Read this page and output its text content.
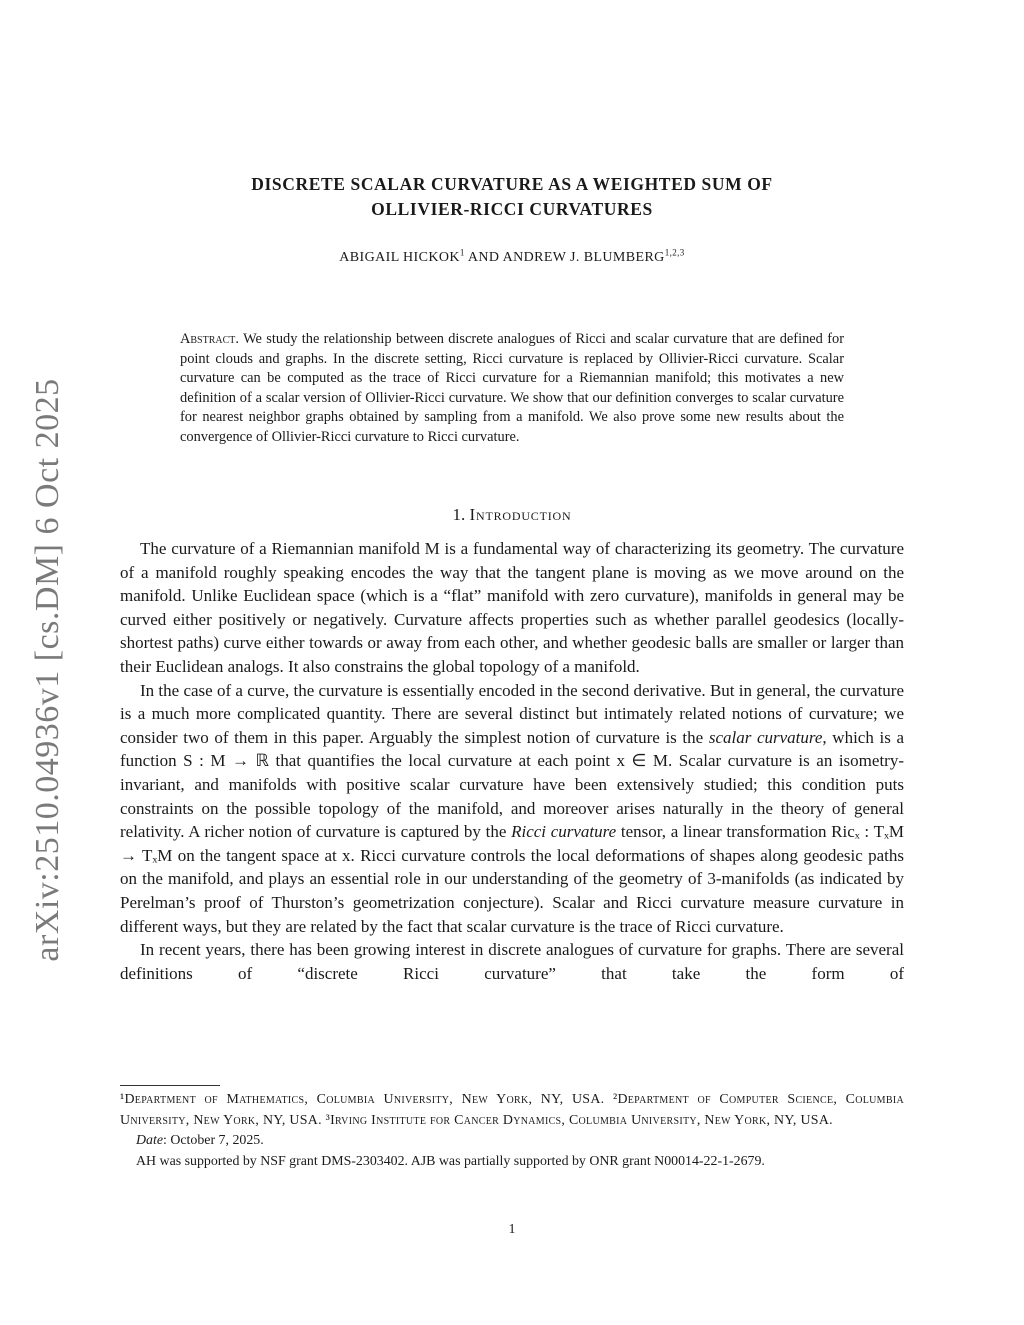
arXiv:2510.04936v1 [cs.DM] 6 Oct 2025
DISCRETE SCALAR CURVATURE AS A WEIGHTED SUM OF
OLLIVIER-RICCI CURVATURES
ABIGAIL HICKOK$^1$ AND ANDREW J. BLUMBERG$^{1,2,3}$
Abstract. We study the relationship between discrete analogues of Ricci and scalar curvature that are defined for point clouds and graphs. In the discrete setting, Ricci curvature is replaced by Ollivier-Ricci curvature. Scalar curvature can be computed as the trace of Ricci curvature for a Riemannian manifold; this motivates a new definition of a scalar version of Ollivier-Ricci curvature. We show that our definition converges to scalar curvature for nearest neighbor graphs obtained by sampling from a manifold. We also prove some new results about the convergence of Ollivier-Ricci curvature to Ricci curvature.
1. Introduction

The curvature of a Riemannian manifold M is a fundamental way of characterizing its geometry. The curvature of a manifold roughly speaking encodes the way that the tangent plane is moving as we move around on the manifold. Unlike Euclidean space (which is a “flat” manifold with zero curvature), manifolds in general may be curved either positively or negatively. Curvature affects properties such as whether parallel geodesics (locally-shortest paths) curve either towards or away from each other, and whether geodesic balls are smaller or larger than their Euclidean analogs. It also constrains the global topology of a manifold.

In the case of a curve, the curvature is essentially encoded in the second derivative. But in general, the curvature is a much more complicated quantity. There are several distinct but intimately related notions of curvature; we consider two of them in this paper. Arguably the simplest notion of curvature is the scalar curvature, which is a function S : M → ℝ that quantifies the local curvature at each point x ∈ M. Scalar curvature is an isometry-invariant, and manifolds with positive scalar curvature have been extensively studied; this condition puts constraints on the possible topology of the manifold, and moreover arises naturally in the theory of general relativity. A richer notion of curvature is captured by the Ricci curvature tensor, a linear transformation Ricₓ : TₓM → TₓM on the tangent space at x. Ricci curvature controls the local deformations of shapes along geodesic paths on the manifold, and plays an essential role in our understanding of the geometry of 3-manifolds (as indicated by Perelman’s proof of Thurston’s geometrization conjecture). Scalar and Ricci curvature measure curvature in different ways, but they are related by the fact that scalar curvature is the trace of Ricci curvature.

In recent years, there has been growing interest in discrete analogues of curvature for graphs. There are several definitions of “discrete Ricci curvature” that take the form of

¹Department of Mathematics, Columbia University, New York, NY, USA. ²Department of Computer Science, Columbia University, New York, NY, USA. ³Irving Institute for Cancer Dynamics, Columbia University, New York, NY, USA.

Date: October 7, 2025.

AH was supported by NSF grant DMS-2303402. AJB was partially supported by ONR grant N00014-22-1-2679.

1
